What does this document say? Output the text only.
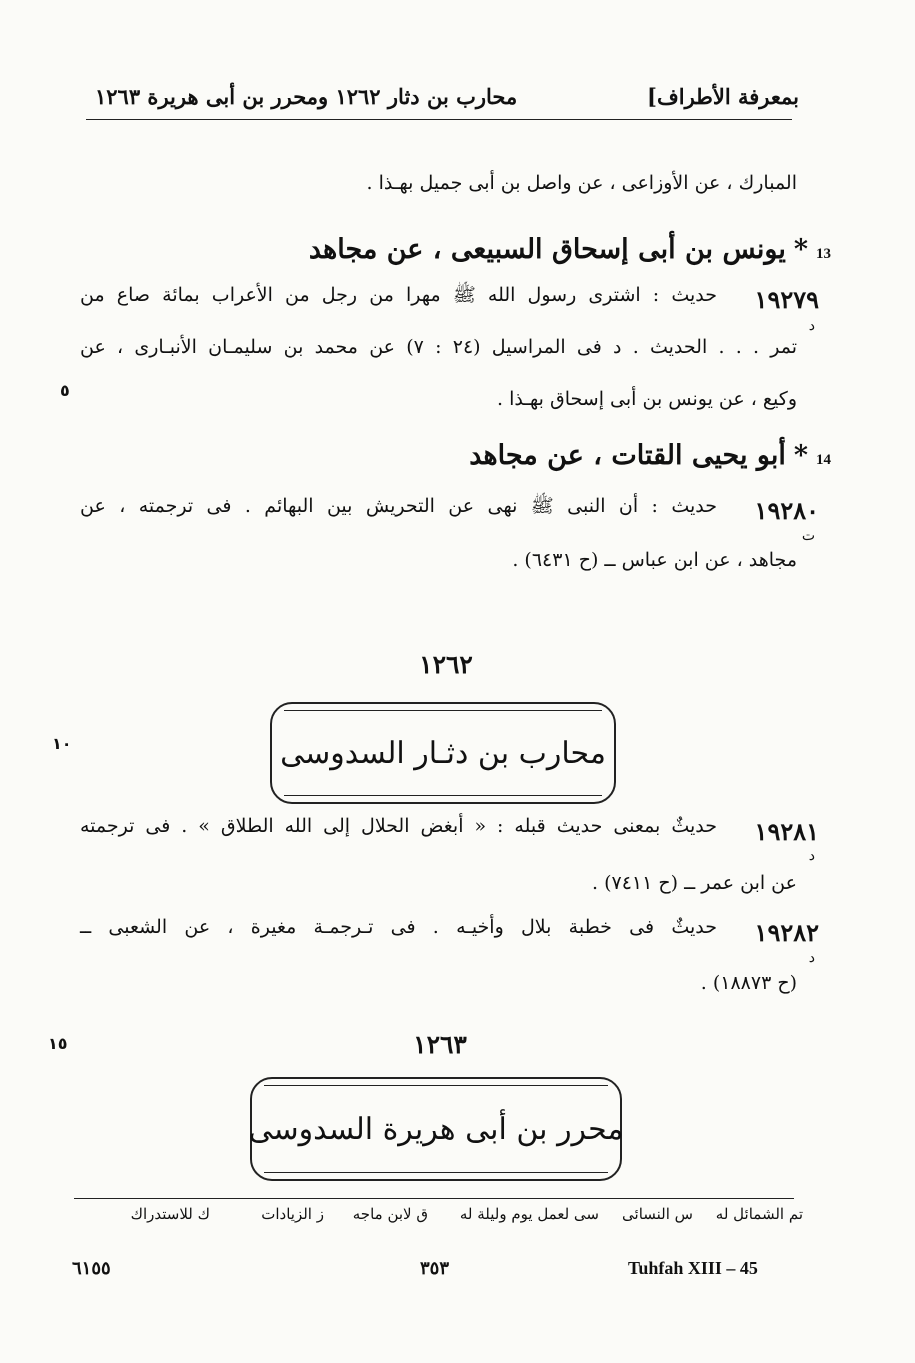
بمعرفة الأطراف]
محارب بن دثار ١٢٦٢ ومحرر بن أبى هريرة ١٢٦٣
المبارك ، عن الأوزاعى ، عن واصل بن أبى جميل بهـذا .
13
*
يونس بن أبى إسحاق السبيعى ، عن مجاهد
١٩٢٧٩
د
حديث : اشترى رسول الله ﷺ مهرا من رجل من الأعراب بمائة صاع من
تمر . . . الحديث . د فى المراسيل (٢٤ : ٧) عن محمد بن سليمـان الأنبـارى ، عن
وكيع ، عن يونس بن أبى إسحاق بهـذا .
٥
14
*
أبو يحيى القتات ، عن مجاهد
١٩٢٨٠
ت
حديث : أن النبى ﷺ نهى عن التحريش بين البهائم . فى ترجمته ، عن
مجاهد ، عن ابن عباس ــ (ح ٦٤٣١) .
١٢٦٢
محارب بن دثـار السدوسى
١٠
١٩٢٨١
د
حديثٌ بمعنى حديث قبله : « أبغض الحلال إلى الله الطلاق » . فى ترجمته
عن ابن عمر ــ (ح ٧٤١١) .
١٩٢٨٢
د
حديثٌ فى خطبة بلال وأخيـه . فى تـرجمـة مغيرة ، عن الشعبى ــ
(ح ١٨٨٧٣) .
١٢٦٣
١٥
محرر بن أبى هريرة السدوسى
تم الشمائل له
س النسائى
سى لعمل يوم وليلة له
ق لابن ماجه
ز الزيادات
ك للاستدراك
Tuhfah XIII – 45
٣٥٣
٦١٥٥
